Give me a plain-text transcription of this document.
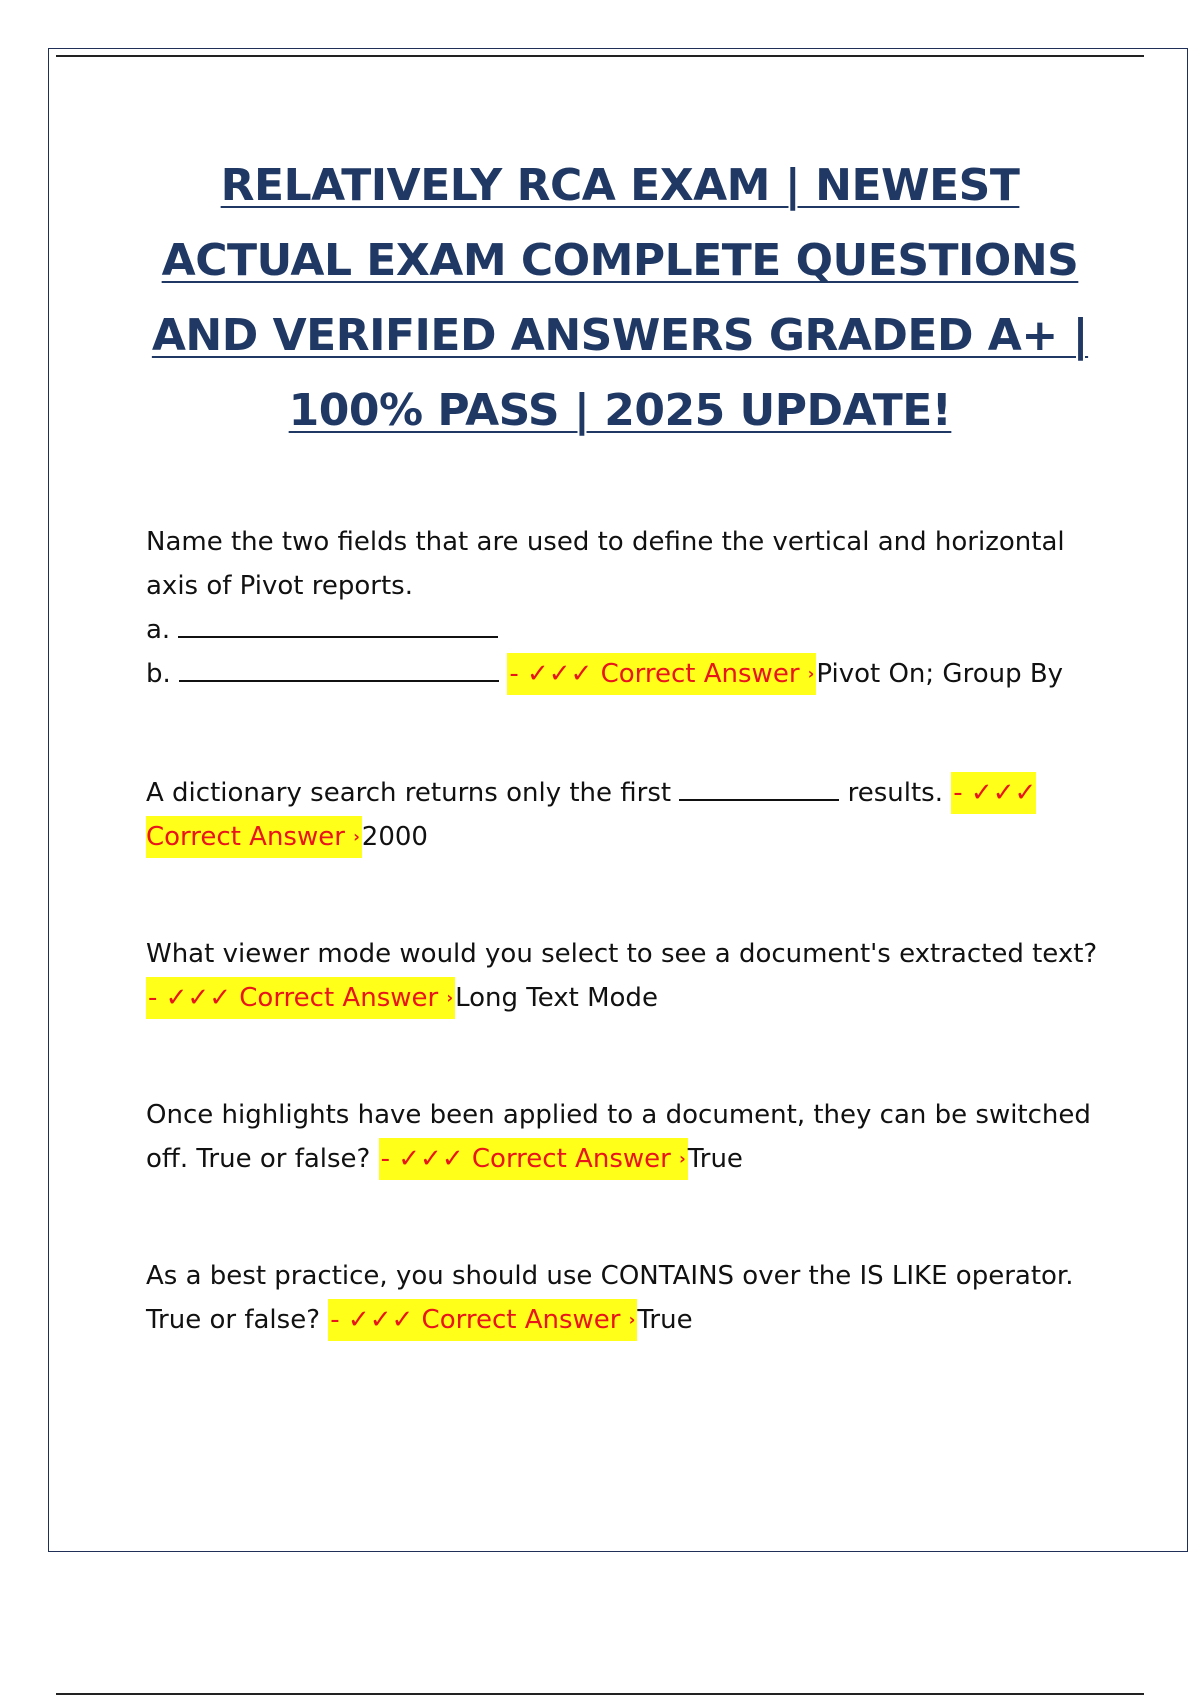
RELATIVELY RCA EXAM | NEWEST
ACTUAL EXAM COMPLETE QUESTIONS
AND VERIFIED ANSWERS GRADED A+ |
100% PASS | 2025 UPDATE!

Name the two fields that are used to define the vertical and horizontal axis of Pivot reports.

a.

b.	- ✓✓✓ Correct Answer ›Pivot On; Group By

A dictionary search returns only the first	results. - ✓✓✓ Correct Answer ›2000

What viewer mode would you select to see a document's extracted text? - ✓✓✓ Correct Answer ›Long Text Mode

Once highlights have been applied to a document, they can be switched off. True or false? - ✓✓✓ Correct Answer ›True

As a best practice, you should use CONTAINS over the IS LIKE operator. True or false? - ✓✓✓ Correct Answer ›True
